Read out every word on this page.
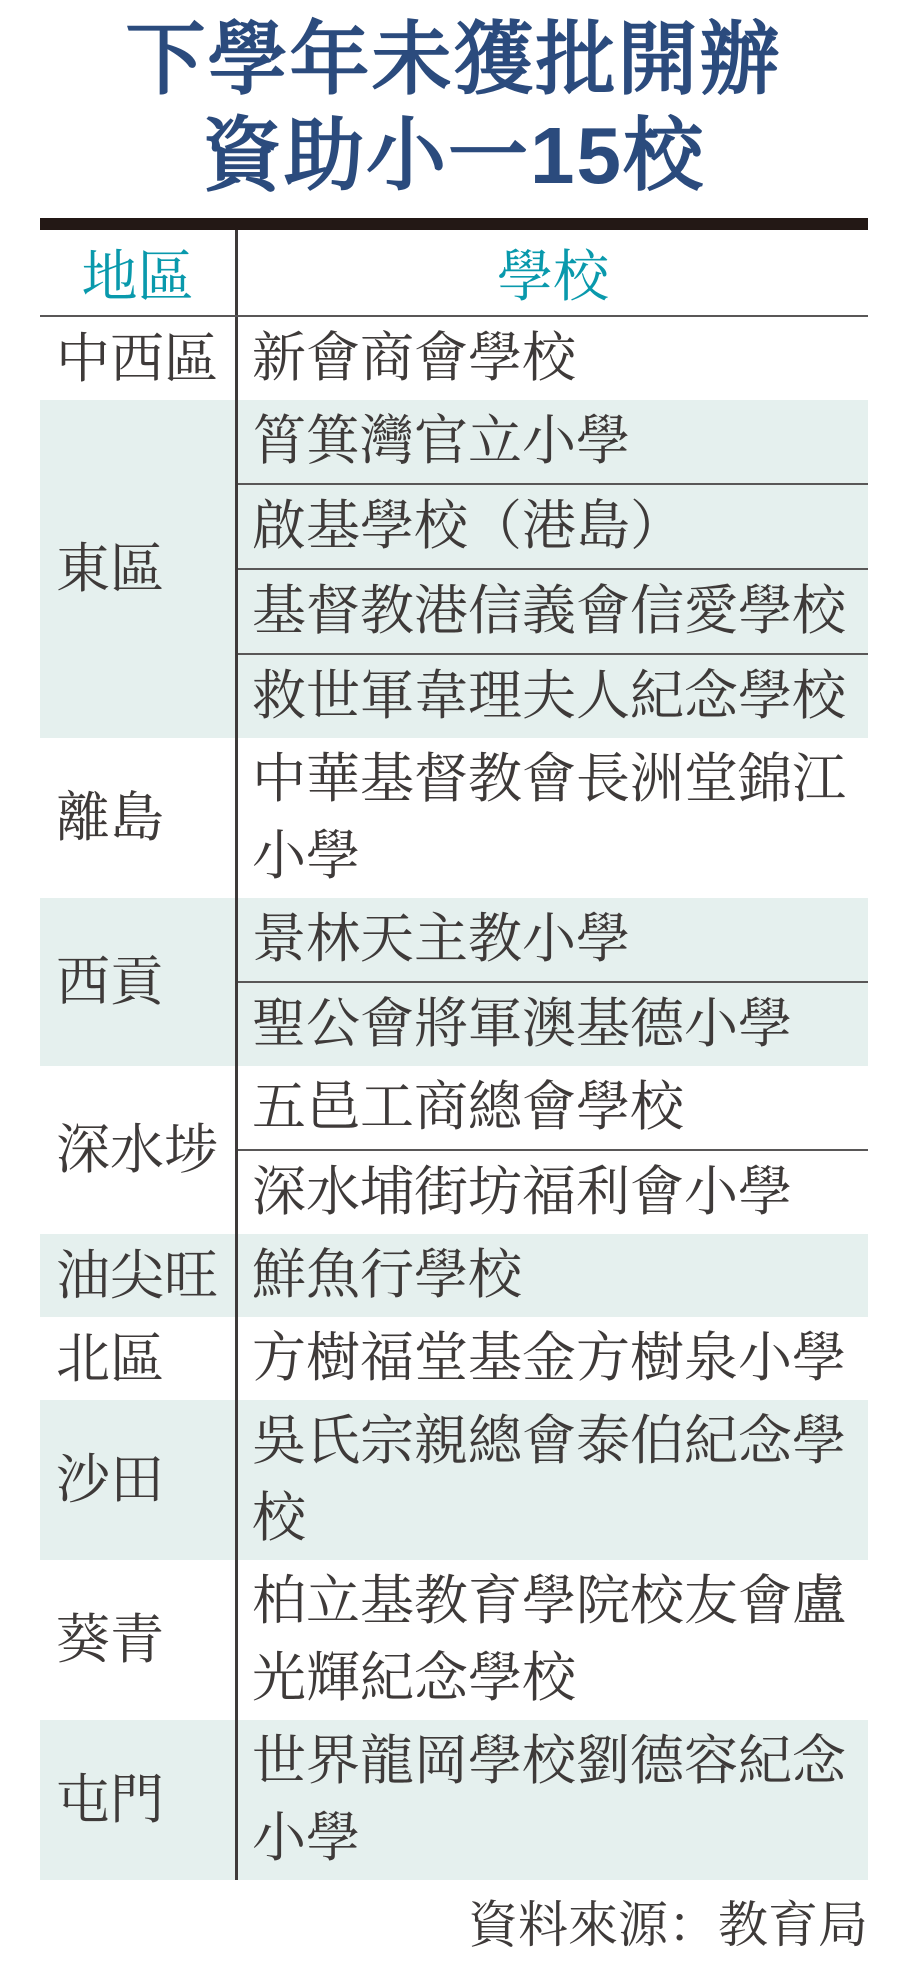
下學年未獲批開辦
資助小一15校
地區	學校
中西區 新會商會學校
東區
筲箕灣官立小學
啟基學校（港島）
基督教港信義會信愛學校
救世軍韋理夫人紀念學校
離島
中華基督教會長洲堂錦江小學
西貢
景林天主教小學
聖公會將軍澳基德小學
深水埗
五邑工商總會學校
深水埔街坊福利會小學
油尖旺 鮮魚行學校
北區	方樹福堂基金方樹泉小學
沙田
吳氏宗親總會泰伯紀念學校
葵青
柏立基教育學院校友會盧光輝紀念學校
屯門
世界龍岡學校劉德容紀念小學
資料來源：教育局
